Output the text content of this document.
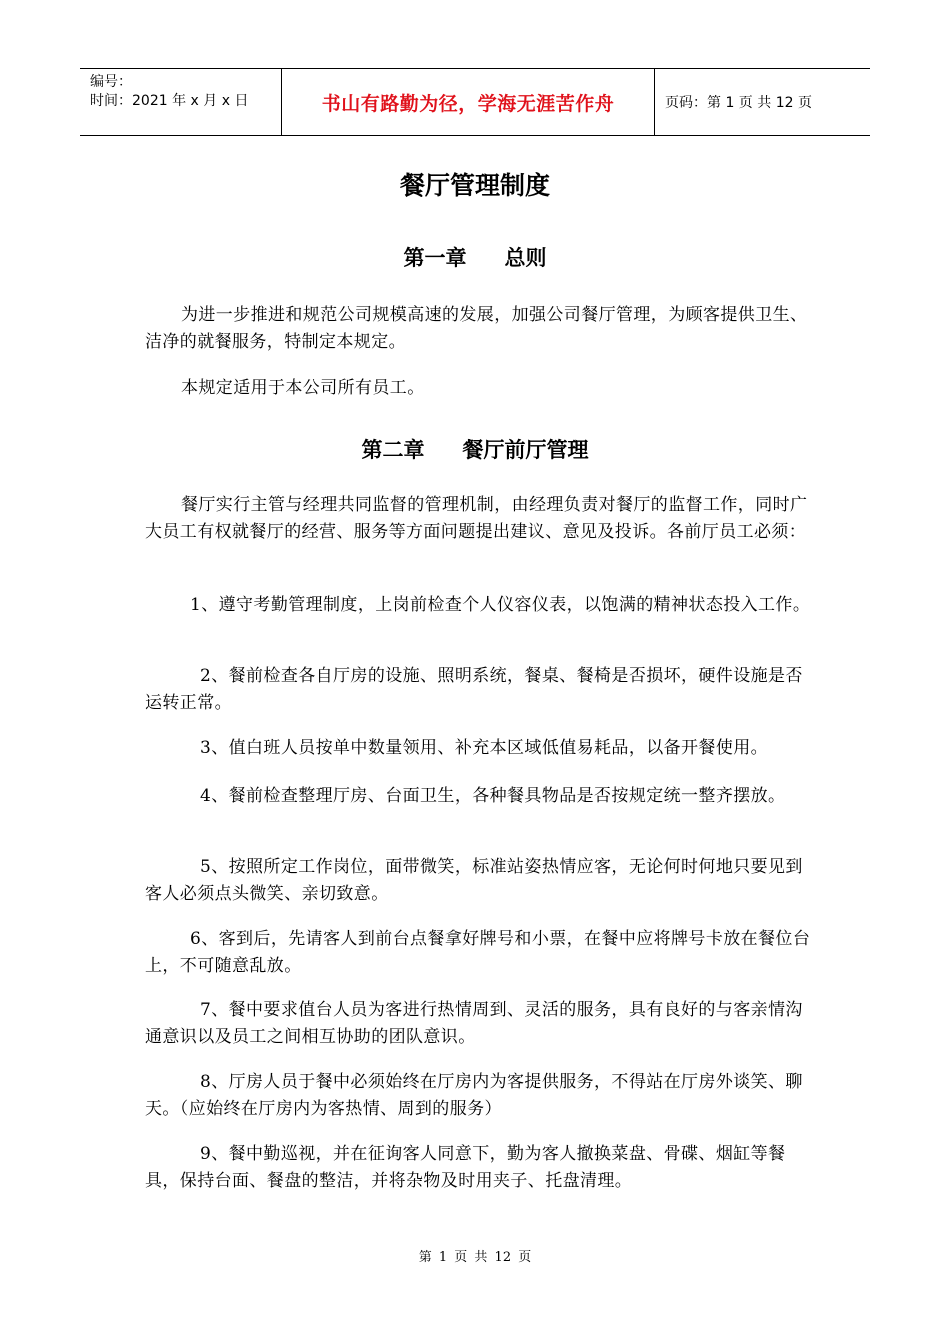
编号：
时间：2021 年 x 月 x 日	书山有路勤为径，学海无涯苦作舟	页码：第 1 页 共 12 页
餐厅管理制度
第一章 总则
为进一步推进和规范公司规模高速的发展，加强公司餐厅管理，为顾客提供卫生、洁净的就餐服务，特制定本规定。
本规定适用于本公司所有员工。
第二章 餐厅前厅管理
餐厅实行主管与经理共同监督的管理机制，由经理负责对餐厅的监督工作，同时广大员工有权就餐厅的经营、服务等方面问题提出建议、意见及投诉。各前厅员工必须：
1、遵守考勤管理制度，上岗前检查个人仪容仪表，以饱满的精神状态投入工作。
2、餐前检查各自厅房的设施、照明系统，餐桌、餐椅是否损坏，硬件设施是否运转正常。
3、值白班人员按单中数量领用、补充本区域低值易耗品，以备开餐使用。
4、餐前检查整理厅房、台面卫生，各种餐具物品是否按规定统一整齐摆放。
5、按照所定工作岗位，面带微笑，标准站姿热情应客，无论何时何地只要见到客人必须点头微笑、亲切致意。
6、客到后，先请客人到前台点餐拿好牌号和小票，在餐中应将牌号卡放在餐位台上，不可随意乱放。
7、餐中要求值台人员为客进行热情周到、灵活的服务，具有良好的与客亲情沟通意识以及员工之间相互协助的团队意识。
8、厅房人员于餐中必须始终在厅房内为客提供服务，不得站在厅房外谈笑、聊天。（应始终在厅房内为客热情、周到的服务）
9、餐中勤巡视，并在征询客人同意下，勤为客人撤换菜盘、骨碟、烟缸等餐具，保持台面、餐盘的整洁，并将杂物及时用夹子、托盘清理。
第 1 页 共 12 页
